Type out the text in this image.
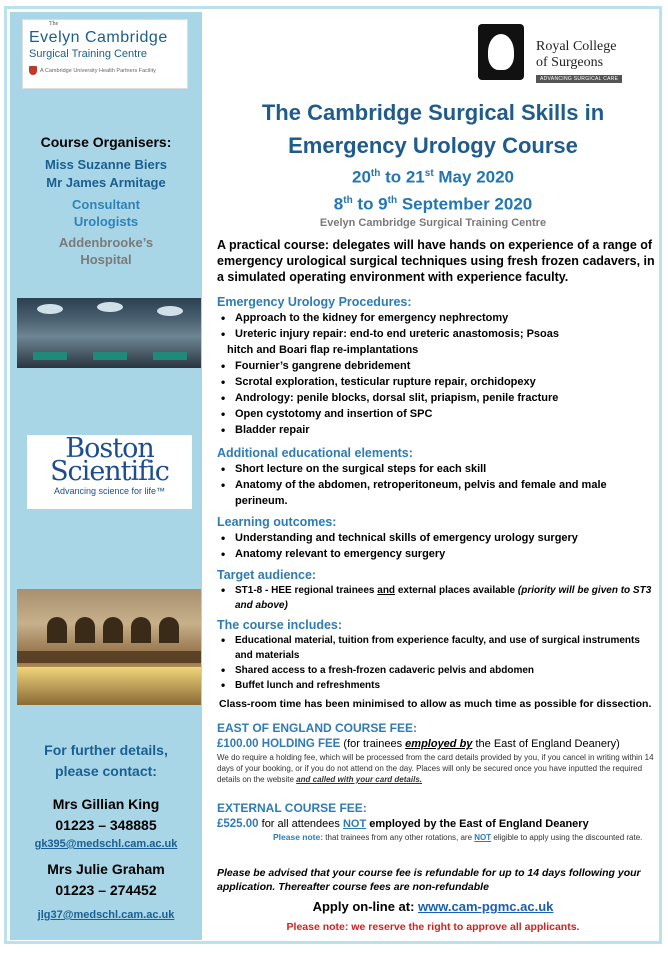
The
Evelyn Cambridge
Surgical Training Centre
A Cambridge University Health Partners Facility
Course Organisers:
Miss Suzanne Biers
Mr James Armitage
Consultant
Urologists
Addenbrooke’s
Hospital
Boston
Scientific
Advancing science for life™
For further details,
please contact:
Mrs Gillian King
01223 – 348885
gk395@medschl.cam.ac.uk
Mrs Julie Graham
01223 – 274452
jlg37@medschl.cam.ac.uk
Royal College
of Surgeons
ADVANCING SURGICAL CARE
The Cambridge Surgical Skills in
Emergency Urology Course
20th to 21st May 2020
8th to 9th September 2020
Evelyn Cambridge Surgical Training Centre
A practical course: delegates will have hands on experience of a range of emergency urological surgical techniques using fresh frozen cadavers, in a simulated operating environment with experience faculty.
Emergency Urology Procedures:
• Approach to the kidney for emergency nephrectomy
• Ureteric injury repair: end-to end ureteric anastomosis; Psoas
hitch and Boari flap re-implantations
• Fournier’s gangrene debridement
• Scrotal exploration, testicular rupture repair, orchidopexy
• Andrology: penile blocks, dorsal slit, priapism, penile fracture
• Open cystotomy and insertion of SPC
• Bladder repair
Additional educational elements:
• Short lecture on the surgical steps for each skill
• Anatomy of the abdomen, retroperitoneum, pelvis and female and male perineum.
Learning outcomes:
• Understanding and technical skills of emergency urology surgery
• Anatomy relevant to emergency surgery
Target audience:
• ST1-8 - HEE regional trainees and external places available (priority will be given to ST3 and above)
The course includes:
• Educational material, tuition from experience faculty, and use of surgical instruments and materials
• Shared access to a fresh-frozen cadaveric pelvis and abdomen
• Buffet lunch and refreshments
Class-room time has been minimised to allow as much time as possible for dissection.
EAST OF ENGLAND COURSE FEE:
£100.00 HOLDING FEE (for trainees employed by the East of England Deanery)
We do require a holding fee, which will be processed from the card details provided by you, if you cancel in writing within 14 days of your booking, or if you do not attend on the day. Places will only be secured once you have inputted the required details on the website and called with your card details.
EXTERNAL COURSE FEE:
£525.00 for all attendees NOT employed by the East of England Deanery
Please note: that trainees from any other rotations, are NOT eligible to apply using the discounted rate.
Please be advised that your course fee is refundable for up to 14 days following your application. Thereafter course fees are non-refundable
Apply on-line at: www.cam-pgmc.ac.uk
Please note: we reserve the right to approve all applicants.
